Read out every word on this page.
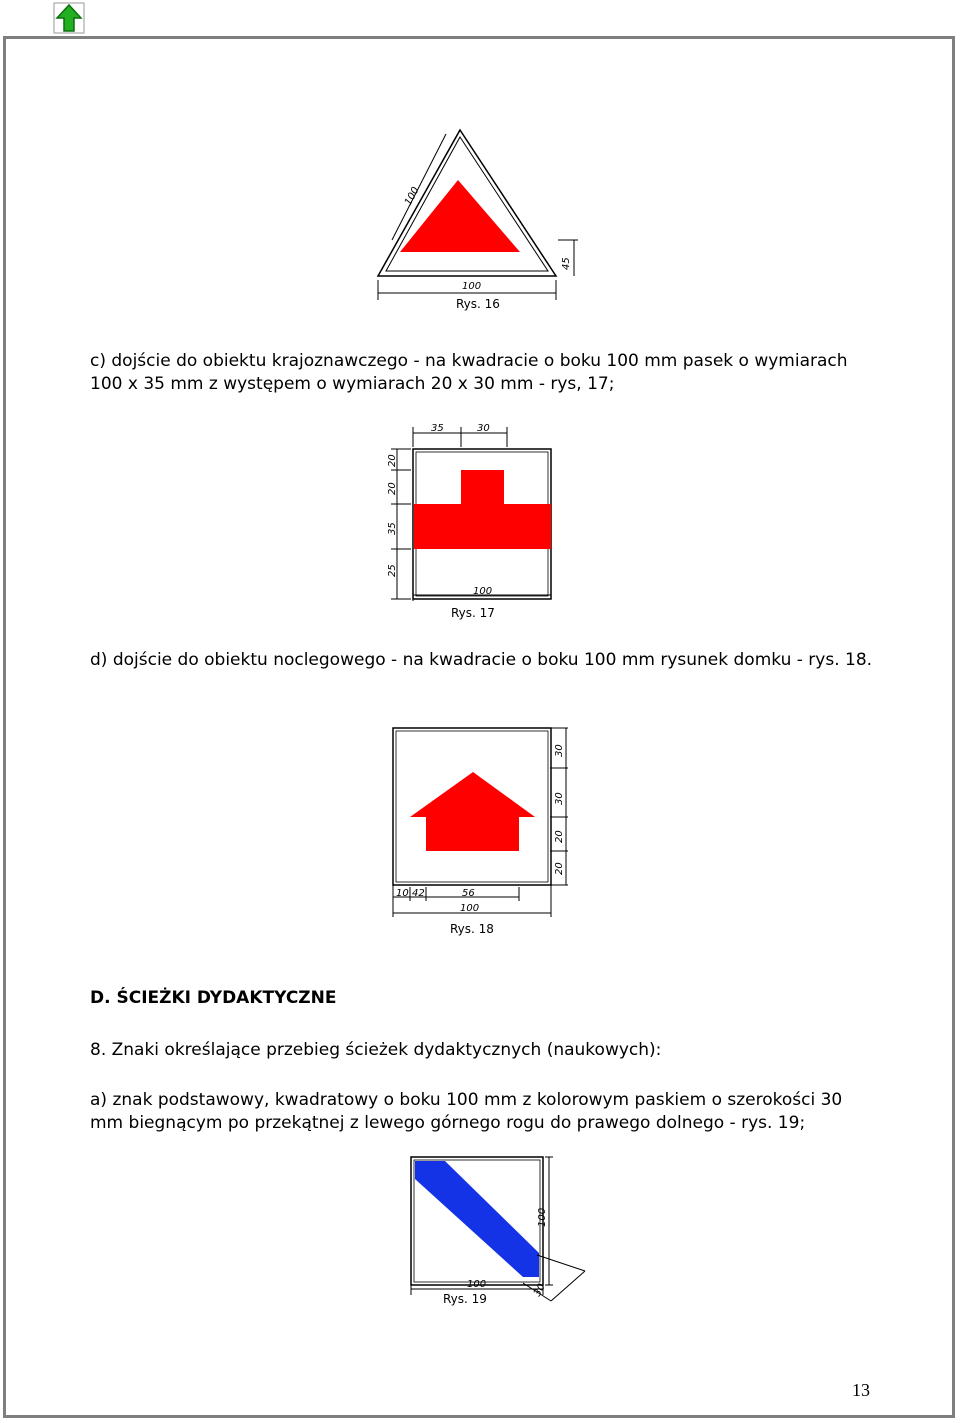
100
100
45
Rys. 16
c) dojście do obiektu krajoznawczego - na kwadracie o boku 100 mm pasek o wymiarach 100 x 35 mm z występem o wymiarach 20 x 30 mm - rys, 17;
35	30
20
20
35
25
100
Rys. 17
d) dojście do obiektu noclegowego - na kwadracie o boku 100 mm rysunek domku - rys. 18.
30
30
20
20
10 42	56
100
Rys. 18
D. ŚCIEŻKI DYDAKTYCZNE
8. Znaki określające przebieg ścieżek dydaktycznych (naukowych):
a) znak podstawowy, kwadratowy o boku 100 mm z kolorowym paskiem o szerokości 30 mm biegnącym po przekątnej z lewego górnego rogu do prawego dolnego - rys. 19;
100
30
100
Rys. 19
13
